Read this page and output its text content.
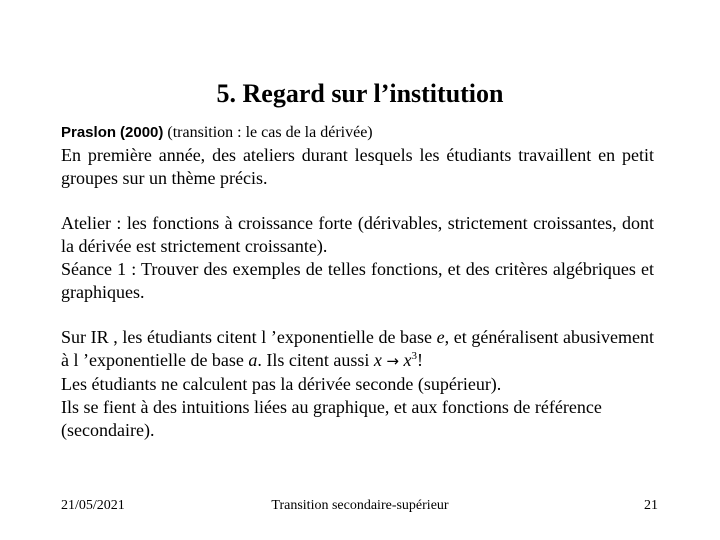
5. Regard sur l’institution

Praslon (2000) (transition : le cas de la dérivée)

En première année, des ateliers durant lesquels les étudiants travaillent en petit groupes sur un thème précis.

Atelier : les fonctions à croissance forte (dérivables, strictement croissantes, dont la dérivée est strictement croissante).

Séance 1 : Trouver des exemples de telles fonctions, et des critères algébriques et graphiques.

Sur IR , les étudiants citent l ’exponentielle de base e, et généralisent abusivement à l ’exponentielle de base a. Ils citent aussi $x \to x^3$!

Les étudiants ne calculent pas la dérivée seconde (supérieur).

Ils se fient à des intuitions liées au graphique, et aux fonctions de référence (secondaire).

21/05/2021	Transition secondaire-supérieur	21
